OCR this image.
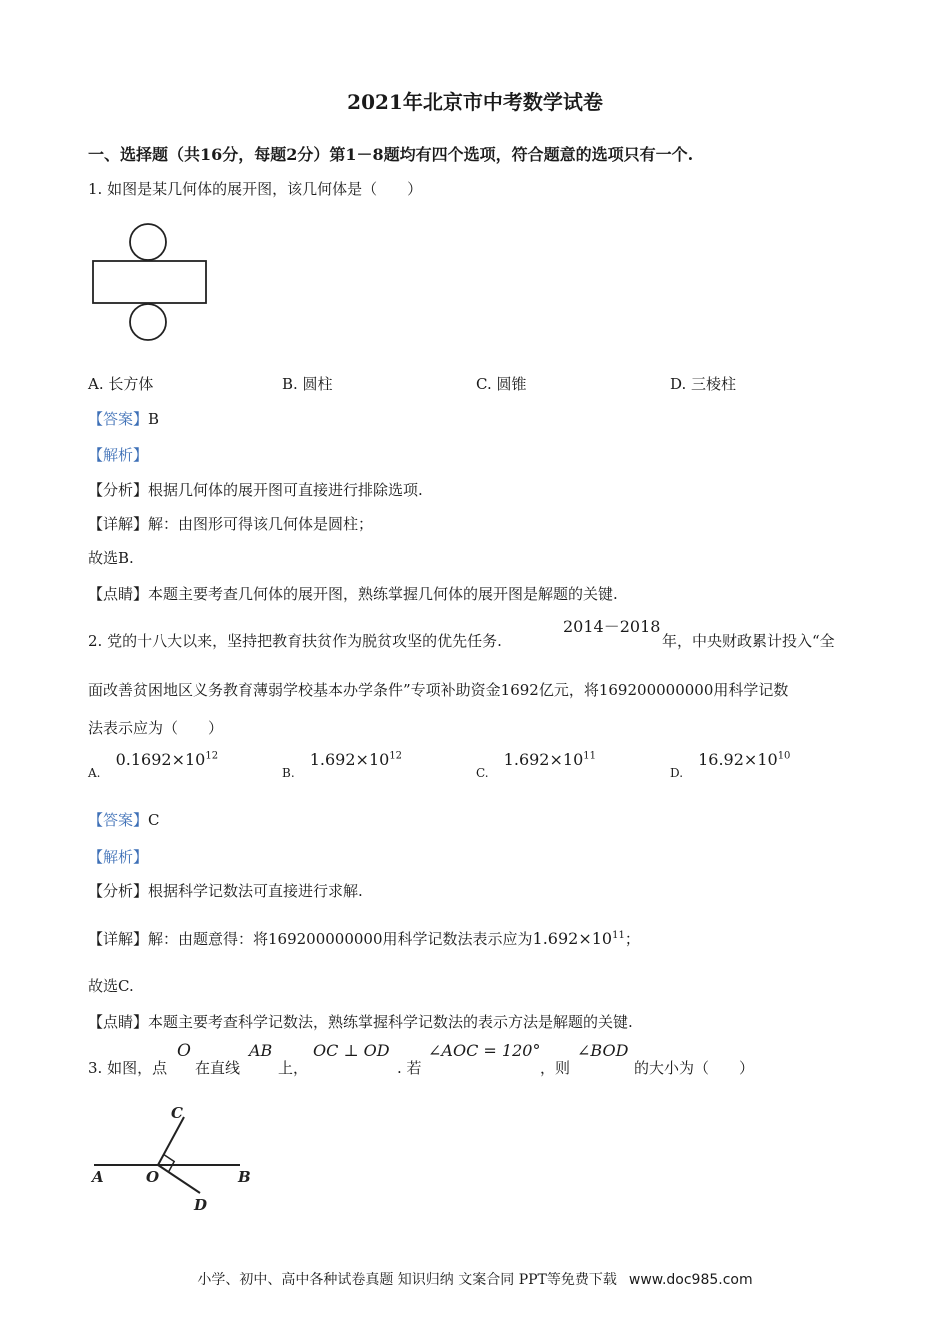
2021年北京市中考数学试卷
一、选择题（共16分，每题2分）第1－8题均有四个选项，符合题意的选项只有一个.
1. 如图是某几何体的展开图，该几何体是（　　）
A. 长方体	B. 圆柱	C. 圆锥	D. 三棱柱
【答案】B
【解析】
【分析】根据几何体的展开图可直接进行排除选项.
【详解】解：由图形可得该几何体是圆柱；
故选B.
【点睛】本题主要考查几何体的展开图，熟练掌握几何体的展开图是解题的关键.
2. 党的十八大以来，坚持把教育扶贫作为脱贫攻坚的优先任务.
2014－2018
年，中央财政累计投入“全
面改善贫困地区义务教育薄弱学校基本办学条件”专项补助资金1692亿元，将169200000000用科学记数
法表示应为（　　）
$_{A.}$ $0.1692\times 10^{12}$
$_{B.}$ $1.692\times 10^{12}$
$_{C.}$ $1.692\times 10^{11}$
$_{D.}$ $16.92\times 10^{10}$
【答案】C
【解析】
【分析】根据科学记数法可直接进行求解.
【详解】解：由题意得：将169200000000用科学记数法表示应为$1.692\times 10^{11}$；
故选C.
【点睛】本题主要考查科学记数法，熟练掌握科学记数法的表示方法是解题的关键.
3. 如图，点
O
在直线
AB
上，
OC ⊥ OD
. 若
∠AOC = 120°
，则
∠BOD
的大小为（　　）
C
A	O	B
D
小学、初中、高中各种试卷真题 知识归纳 文案合同 PPT等免费下载 www.doc985.com
